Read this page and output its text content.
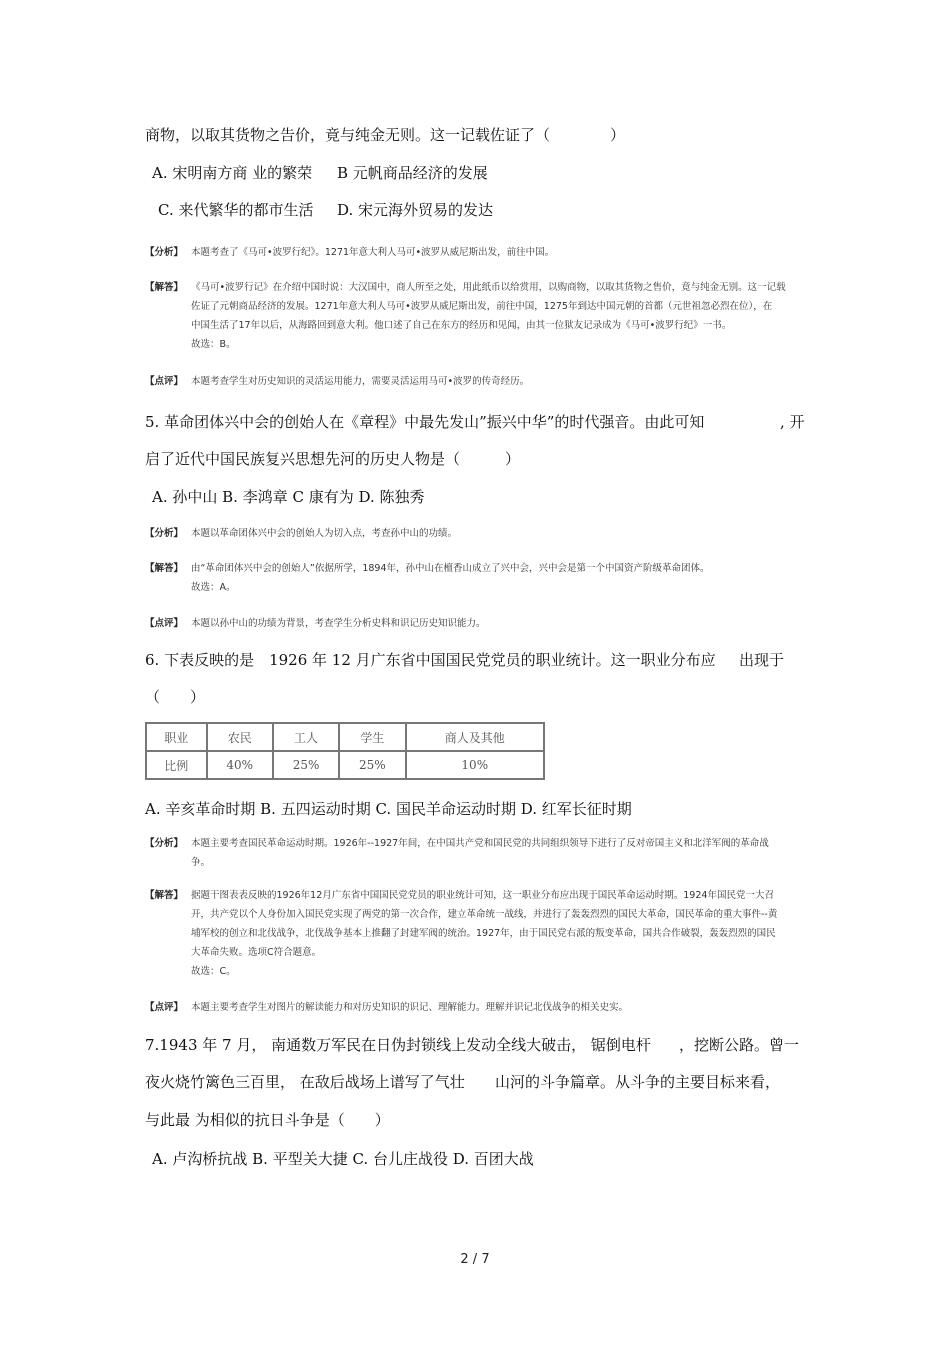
商物，以取其货物之告价，竟与纯金无则。这一记载佐证了（　　　　）
A. 宋明南方商 业的繁荣 B 元帆商品经济的发展
C. 来代繁华的都市生活 D. 宋元海外贸易的发达
【分析】 本题考查了《马可•波罗行纪》。1271年意大利人马可•波罗从威尼斯出发，前往中国。
【解答】 《马可•波罗行记》在介绍中国时说：大汉国中，商人所至之处，用此纸币以给赏用，以购商物，以取其货物之售价，竟与纯金无别。这一记载
佐证了元朝商品经济的发展。1271年意大利人马可•波罗从威尼斯出发，前往中国，1275年到达中国元朝的首都（元世祖忽必烈在位），在
中国生活了17年以后，从海路回到意大利。他口述了自己在东方的经历和见闻，由其一位狱友记录成为《马可•波罗行纪》一书。
故选：B。
【点评】 本题考查学生对历史知识的灵活运用能力，需要灵活运用马可•波罗的传奇经历。
5. 革命团体兴中会的创始人在《章程》中最先发山”振兴中华”的时代强音。由此可知	, 开
启了近代中国民族复兴思想先河的历史人物是（　　　）
A. 孙中山 B. 李鸿章 C 康有为 D. 陈独秀
【分析】 本题以革命团体兴中会的创始人为切入点，考查孙中山的功绩。
【解答】 由“革命团体兴中会的创始人”依据所学，1894年，孙中山在檀香山成立了兴中会，兴中会是第一个中国资产阶级革命团体。
故选：A。
【点评】 本题以孙中山的功绩为背景，考查学生分析史料和识记历史知识能力。
6. 下表反映的是　1926 年 12 月广东省中国国民党党员的职业统计。这一职业分布应 出现于
（　　）
职业	农民	工人	学生	商人及其他
比例	40%	25%	25%	10%
A. 辛亥革命时期 B. 五四运动时期 C. 国民羊命运动时期 D. 红军长征时期
【分析】 本题主要考查国民革命运动时期。1926年--1927年间，在中国共产党和国民党的共同组织领导下进行了反对帝国主义和北洋军阀的革命战
争。
【解答】 据题干图表表反映的1926年12月广东省中国国民党党员的职业统计可知，这一职业分布应出现于国民革命运动时期。1924年国民党一大召
开，共产党以个人身份加入国民党实现了两党的第一次合作，建立革命统一战线，并进行了轰轰烈烈的国民大革命，国民革命的重大事件--黄
埔军校的创立和北伐战争，北伐战争基本上推翻了封建军阀的统治。1927年，由于国民党右派的叛变革命，国共合作破裂，轰轰烈烈的国民
大革命失败。选项C符合题意。
故选：C。
【点评】 本题主要考查学生对图片的解读能力和对历史知识的识记、理解能力。理解并识记北伐战争的相关史实。
7.1943 年 7 月， 南通数万军民在日伪封锁线上发动全线大破击， 锯倒电杆 ，挖断公路。曾一
夜火烧竹篱色三百里， 在敌后战场上谱写了气壮 山河的斗争篇章。从斗争的主要目标来看，
与此最 为相似的抗日斗争是（　　）
A. 卢沟桥抗战 B. 平型关大捷 C. 台儿庄战役 D. 百团大战
2 / 7
